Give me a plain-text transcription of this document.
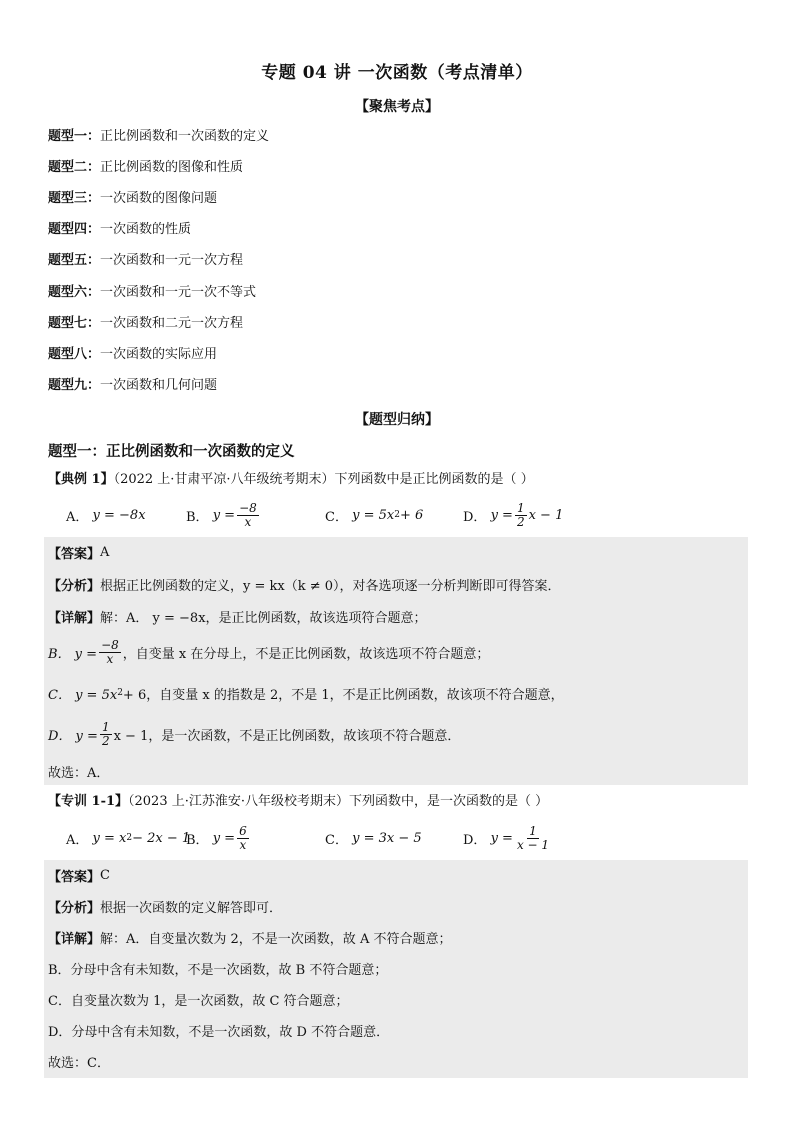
专题 04 讲 一次函数（考点清单）
【聚焦考点】
题型一：正比例函数和一次函数的定义
题型二：正比例函数的图像和性质
题型三：一次函数的图像问题
题型四：一次函数的性质
题型五：一次函数和一元一次方程
题型六：一次函数和一元一次不等式
题型七：一次函数和二元一次方程
题型八：一次函数的实际应用
题型九：一次函数和几何问题
【题型归纳】
题型一：正比例函数和一次函数的定义
【典例 1】（2022 上·甘肃平凉·八年级统考期末）下列函数中是正比例函数的是（ ）
A．
y = −8x	B．
$y = \frac{-8}{x}$	C．
y = 5x 2 + 6	D．
$y = \frac{1}{2}$ x − 1
【答案】 A
【分析】 根据正比例函数的定义，y = kx（k ≠ 0），对各选项逐一分析判断即可得答案．
【详解】 解：A． y = −8x，是正比例函数，故该选项符合题意；
B． $y = \frac{-8}{x}$ ，自变量 x 在分母上，不是正比例函数，故该选项不符合题意；
C． y = 5x 2 + 6，自变量 x 的指数是 2，不是 1，不是正比例函数，故该项不符合题意，
D． $y = \frac{1}{2}$ x − 1，是一次函数，不是正比例函数，故该项不符合题意．
故选：A．
【专训 1-1】（2023 上·江苏淮安·八年级校考期末）下列函数中，是一次函数的是（ ）
A．
y = x 2 − 2x − 1
B．
$y = \frac{6}{x}$	C．
y = 3x − 5	D．
$y = \frac{1}{x - 1}$
【答案】 C
【分析】 根据一次函数的定义解答即可．
【详解】 解：A．自变量次数为 2，不是一次函数，故 A 不符合题意；
B．分母中含有未知数，不是一次函数，故 B 不符合题意；
C．自变量次数为 1，是一次函数，故 C 符合题意；
D．分母中含有未知数，不是一次函数，故 D 不符合题意．
故选：C．
